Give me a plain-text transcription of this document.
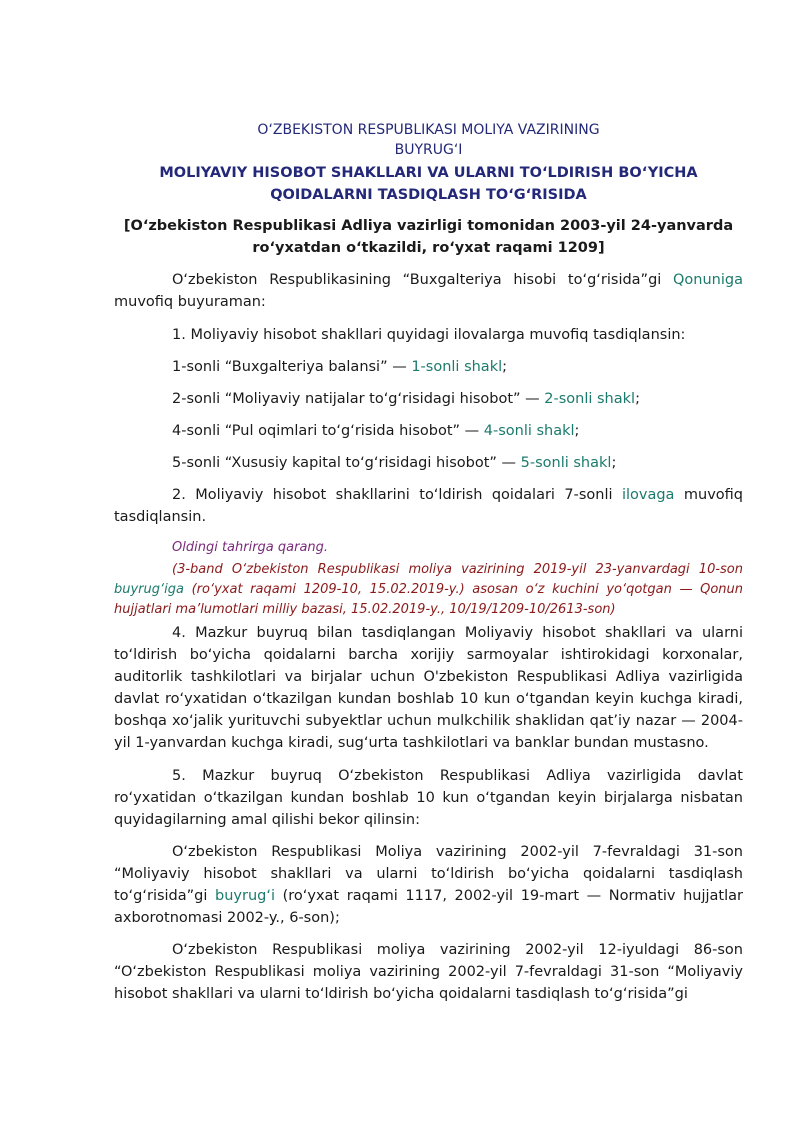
O‘ZBEKISTON RESPUBLIKASI MOLIYA VAZIRINING
BUYRUG‘I
MOLIYAVIY HISOBOT SHAKLLARI VA ULARNI TO‘LDIRISH BO‘YICHA
QOIDALARNI TASDIQLASH TO‘G‘RISIDA
[O‘zbekiston Respublikasi Adliya vazirligi tomonidan 2003-yil 24-yanvarda
ro‘yxatdan o‘tkazildi, ro‘yxat raqami 1209]

O‘zbekiston Respublikasining “Buxgalteriya hisobi to‘g‘risida”gi Qonuniga muvofiq buyuraman:

1. Moliyaviy hisobot shakllari quyidagi ilovalarga muvofiq tasdiqlansin:

1-sonli “Buxgalteriya balansi” — 1-sonli shakl;

2-sonli “Moliyaviy natijalar to‘g‘risidagi hisobot” — 2-sonli shakl;

4-sonli “Pul oqimlari to‘g‘risida hisobot” — 4-sonli shakl;

5-sonli “Xususiy kapital to‘g‘risidagi hisobot” — 5-sonli shakl;

2. Moliyaviy hisobot shakllarini to‘ldirish qoidalari 7-sonli ilovaga muvofiq tasdiqlansin.

Oldingi tahrirga qarang.
(3-band O‘zbekiston Respublikasi moliya vazirining 2019-yil 23-yanvardagi 10-son buyrug‘iga (ro‘yxat raqami 1209-10, 15.02.2019-y.) asosan o‘z kuchini yo‘qotgan — Qonun hujjatlari ma’lumotlari milliy bazasi, 15.02.2019-y., 10/19/1209-10/2613-son)

4. Mazkur buyruq bilan tasdiqlangan Moliyaviy hisobot shakllari va ularni to‘ldirish bo‘yicha qoidalarni barcha xorijiy sarmoyalar ishtirokidagi korxonalar, auditorlik tashkilotlari va birjalar uchun O'zbekiston Respublikasi Adliya vazirligida davlat ro‘yxatidan o‘tkazilgan kundan boshlab 10 kun o‘tgandan keyin kuchga kiradi, boshqa xo‘jalik yurituvchi subyektlar uchun mulkchilik shaklidan qat’iy nazar — 2004-yil 1-yanvardan kuchga kiradi, sug‘urta tashkilotlari va banklar bundan mustasno.

5. Mazkur buyruq O‘zbekiston Respublikasi Adliya vazirligida davlat ro‘yxatidan o‘tkazilgan kundan boshlab 10 kun o‘tgandan keyin birjalarga nisbatan quyidagilarning amal qilishi bekor qilinsin:

O‘zbekiston Respublikasi Moliya vazirining 2002-yil 7-fevraldagi 31-son “Moliyaviy hisobot shakllari va ularni to‘ldirish bo‘yicha qoidalarni tasdiqlash to‘g‘risida”gi buyrug‘i (ro‘yxat raqami 1117, 2002-yil 19-mart — Normativ hujjatlar axborotnomasi 2002-y., 6-son);

O‘zbekiston Respublikasi moliya vazirining 2002-yil 12-iyuldagi 86-son “O‘zbekiston Respublikasi moliya vazirining 2002-yil 7-fevraldagi 31-son “Moliyaviy hisobot shakllari va ularni to‘ldirish bo‘yicha qoidalarni tasdiqlash to‘g‘risida”gi
